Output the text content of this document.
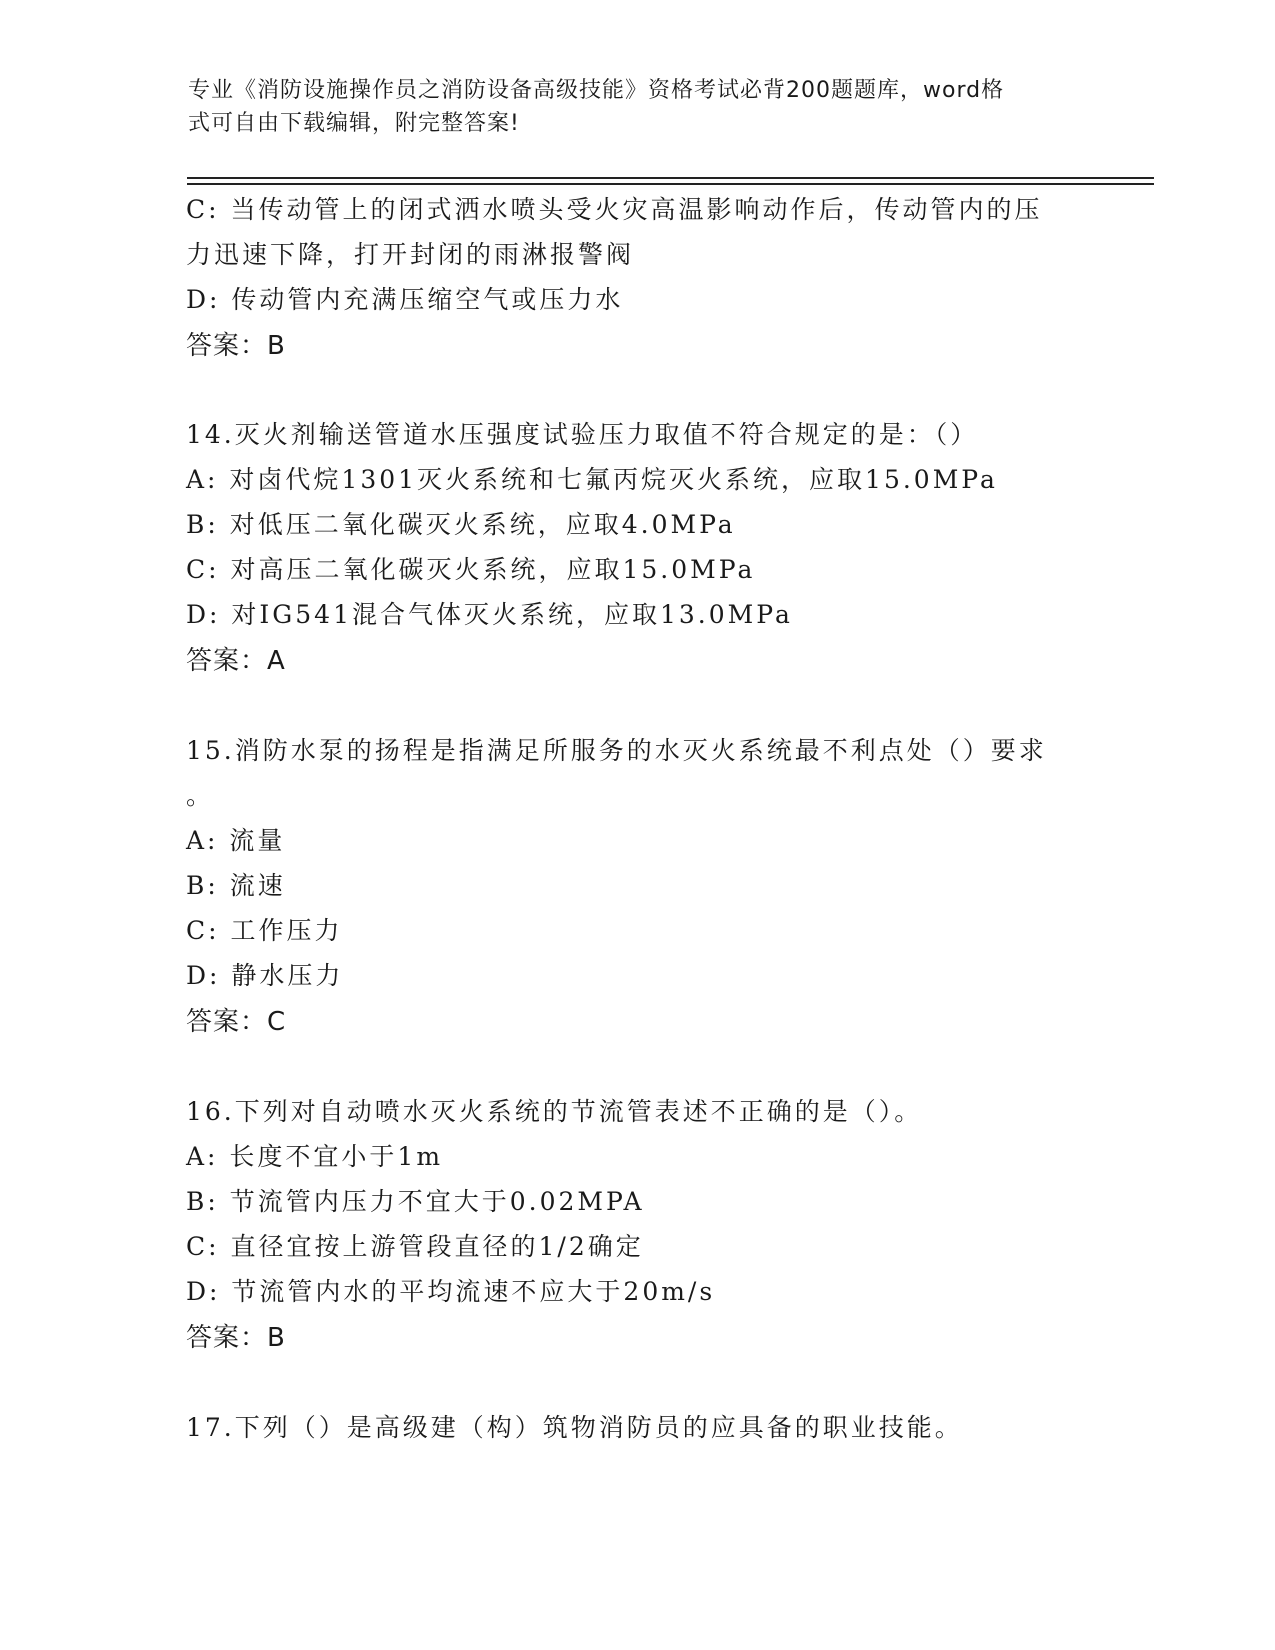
专业《消防设施操作员之消防设备高级技能》资格考试必背200题题库，word格
式可自由下载编辑，附完整答案!
C: 当传动管上的闭式洒水喷头受火灾高温影响动作后，传动管内的压
力迅速下降，打开封闭的雨淋报警阀
D: 传动管内充满压缩空气或压力水
答案：B
14.灭火剂输送管道水压强度试验压力取值不符合规定的是：（）
A: 对卤代烷1301灭火系统和七氟丙烷灭火系统，应取15.0MPa
B: 对低压二氧化碳灭火系统，应取4.0MPa
C: 对高压二氧化碳灭火系统，应取15.0MPa
D: 对IG541混合气体灭火系统，应取13.0MPa
答案：A
15.消防水泵的扬程是指满足所服务的水灭火系统最不利点处（）要求
。
A: 流量
B: 流速
C: 工作压力
D: 静水压力
答案：C
16.下列对自动喷水灭火系统的节流管表述不正确的是（）。
A: 长度不宜小于1m
B: 节流管内压力不宜大于0.02MPA
C: 直径宜按上游管段直径的1/2确定
D: 节流管内水的平均流速不应大于20m/s
答案：B
17.下列（）是高级建（构）筑物消防员的应具备的职业技能。
